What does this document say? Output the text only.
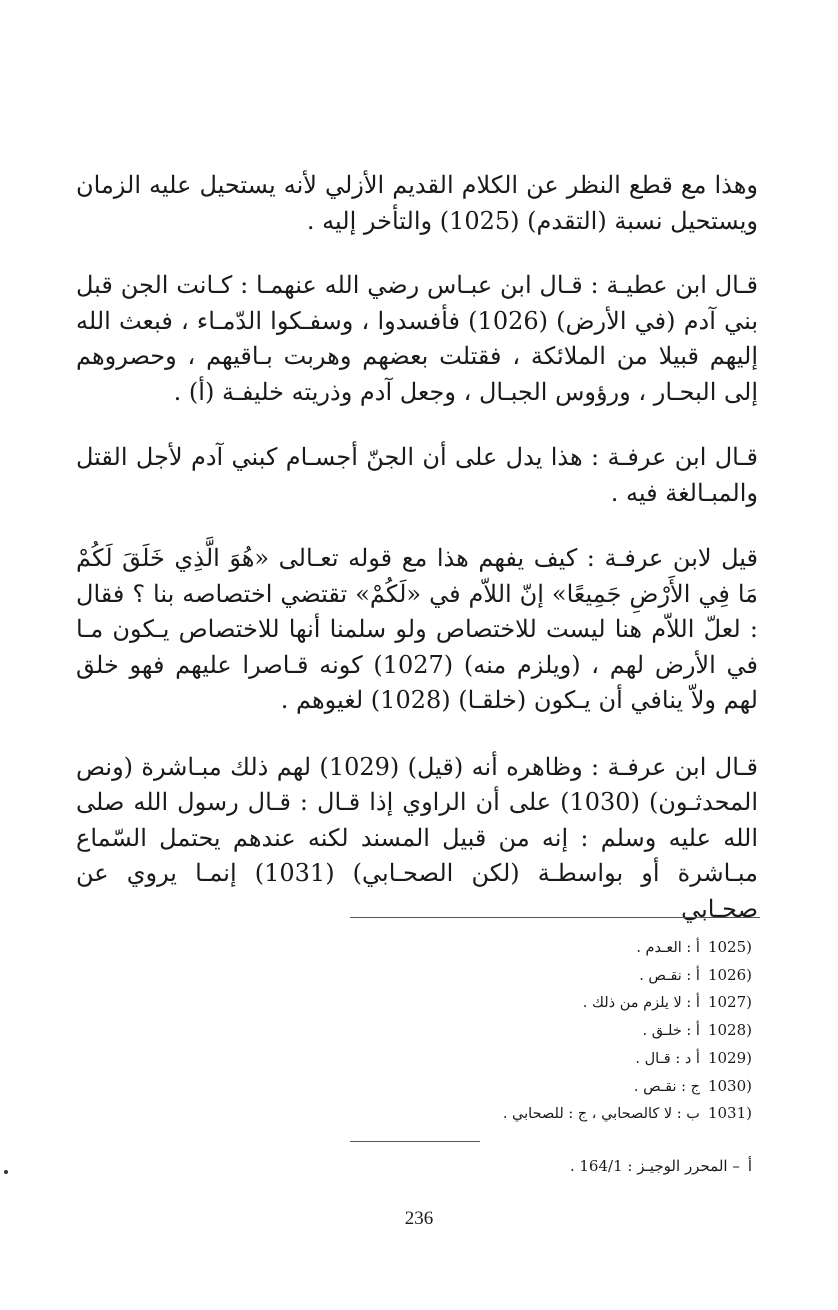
وهذا مع قطع النظر عن الكلام القديم الأزلي لأنه يستحيل عليه الزمان ويستحيل نسبة (التقدم) (1025) والتأخر إليه .

قـال ابن عطيـة : قـال ابن عبـاس رضي الله عنهمـا : كـانت الجن قبل بني آدم (في الأرض) (1026) فأفسدوا ، وسفـكوا الدّمـاء ، فبعث الله إليهم قبيلا من الملائكة ، فقتلت بعضهم وهربت بـاقيهم ، وحصروهم إلى البحـار ، ورؤوس الجبـال ، وجعل آدم وذريته خليفـة (أ) .

قـال ابن عرفـة : هذا يدل على أن الجنّ أجسـام كبني آدم لأجل القتل والمبـالغة فيه .

قيل لابن عرفـة : كيف يفهم هذا مع قوله تعـالى «هُوَ الَّذِي خَلَقَ لَكُمْ مَا فِي الأَرْضِ جَمِيعًا» إنّ اللاّم في «لَكُمْ» تقتضي اختصاصه بنا ؟ فقال : لعلّ اللاّم هنا ليست للاختصاص ولو سلمنا أنها للاختصاص يـكون مـا في الأرض لهم ، (ويلزم منه) (1027) كونه قـاصرا عليهم فهو خلق لهم ولاّ ينافي أن يـكون (خلقـا) (1028) لغيوهم .

قـال ابن عرفـة : وظاهره أنه (قيل) (1029) لهم ذلك مبـاشرة (ونص المحدثـون) (1030) على أن الراوي إذا قـال : قـال رسول الله صلى الله عليه وسلم : إنه من قبيل المسند لكنه عندهم يحتمل السّماع مبـاشرة أو بواسطـة (لكن الصحـابي) (1031) إنمـا يروي عن صحـابي

(1025أ : العـدم .
(1026أ : نقـص .
(1027أ : لا يلزم من ذلك .
(1028أ : خلـق .
(1029أ د : قـال .
(1030ج : نقـص .
(1031ب : لا كالصحابي ، ج : للصحابي .
أ– المحرر الوجيـز : 164/1 .
236
